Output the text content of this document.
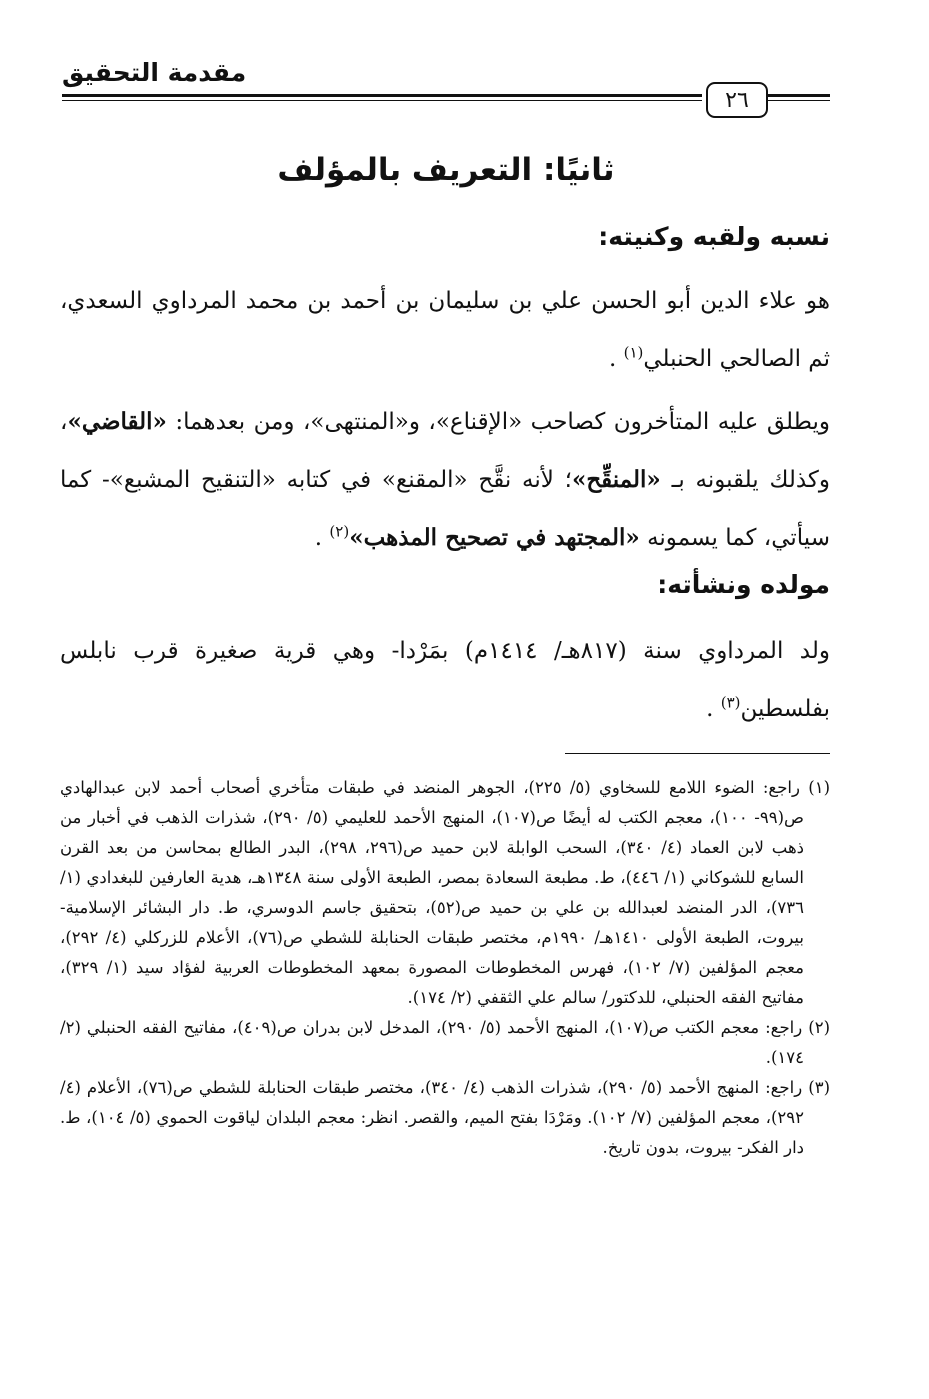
مقدمة التحقيق
٢٦
ثانيًا: التعريف بالمؤلف
نسبه ولقبه وكنيته:
هو علاء الدين أبو الحسن علي بن سليمان بن أحمد بن محمد المرداوي السعدي، ثم الصالحي الحنبلي$^{(١)}$ .
ويطلق عليه المتأخرون كصاحب «الإقناع»، و«المنتهى»، ومن بعدهما: «القاضي»، وكذلك يلقبونه بـ «المنقِّح»؛ لأنه نقَّح «المقنع» في كتابه «التنقيح المشبع»- كما سيأتي، كما يسمونه «المجتهد في تصحيح المذهب»$^{(٢)}$ .
مولده ونشأته:
ولد المرداوي سنة (٨١٧هـ/ ١٤١٤م) بمَرْدا- وهي قرية صغيرة قرب نابلس بفلسطين$^{(٣)}$ .
(١) راجع: الضوء اللامع للسخاوي (٥/ ٢٢٥)، الجوهر المنضد في طبقات متأخري أصحاب أحمد لابن عبدالهادي ص(٩٩- ١٠٠)، معجم الكتب له أيضًا ص(١٠٧)، المنهج الأحمد للعليمي (٥/ ٢٩٠)، شذرات الذهب في أخبار من ذهب لابن العماد (٤/ ٣٤٠)، السحب الوابلة لابن حميد ص(٢٩٦، ٢٩٨)، البدر الطالع بمحاسن من بعد القرن السابع للشوكاني (١/ ٤٤٦)، ط. مطبعة السعادة بمصر، الطبعة الأولى سنة ١٣٤٨هـ، هدية العارفين للبغدادي (١/ ٧٣٦)، الدر المنضد لعبدالله بن علي بن حميد ص(٥٢)، بتحقيق جاسم الدوسري، ط. دار البشائر الإسلامية- بيروت، الطبعة الأولى ١٤١٠هـ/ ١٩٩٠م، مختصر طبقات الحنابلة للشطي ص(٧٦)، الأعلام للزركلي (٤/ ٢٩٢)، معجم المؤلفين (٧/ ١٠٢)، فهرس المخطوطات المصورة بمعهد المخطوطات العربية لفؤاد سيد (١/ ٣٢٩)، مفاتيح الفقه الحنبلي، للدكتور/ سالم علي الثقفي (٢/ ١٧٤).
(٢) راجع: معجم الكتب ص(١٠٧)، المنهج الأحمد (٥/ ٢٩٠)، المدخل لابن بدران ص(٤٠٩)، مفاتيح الفقه الحنبلي (٢/ ١٧٤).
(٣) راجع: المنهج الأحمد (٥/ ٢٩٠)، شذرات الذهب (٤/ ٣٤٠)، مختصر طبقات الحنابلة للشطي ص(٧٦)، الأعلام (٤/ ٢٩٢)، معجم المؤلفين (٧/ ١٠٢). ومَرْدَا بفتح الميم، والقصر. انظر: معجم البلدان لياقوت الحموي (٥/ ١٠٤)، ط. دار الفكر- بيروت، بدون تاريخ.
